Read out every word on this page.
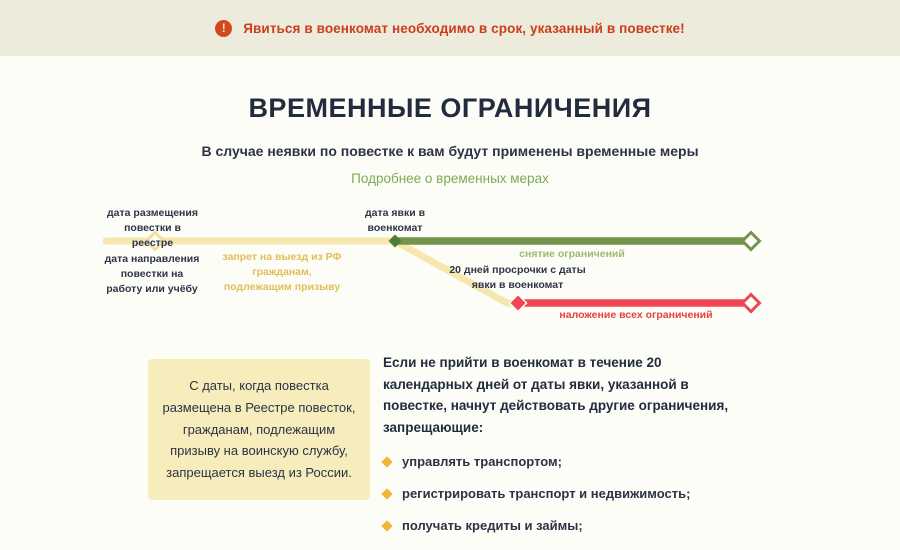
!	Явиться в военкомат необходимо в срок, указанный в повестке!
ВРЕМЕННЫЕ ОГРАНИЧЕНИЯ

В случае неявки по повестке к вам будут применены временные меры

Подробнее о временных мерах
дата размещения повестки в реестре
дата направления повестки на работу или учёбу
запрет на выезд из РФ гражданам, подлежащим призыву
дата явки в военкомат
снятие ограничений
20 дней просрочки с даты явки в военкомат
наложение всех ограничений
С даты, когда повестка размещена в Реестре повесток, гражданам, подлежащим призыву на воинскую службу, запрещается выезд из России.

Если не прийти в военкомат в течение 20 календарных дней от даты явки, указанной в повестке, начнут действовать другие ограничения, запрещающие:

управлять транспортом;
регистрировать транспорт и недвижимость;
получать кредиты и займы;
